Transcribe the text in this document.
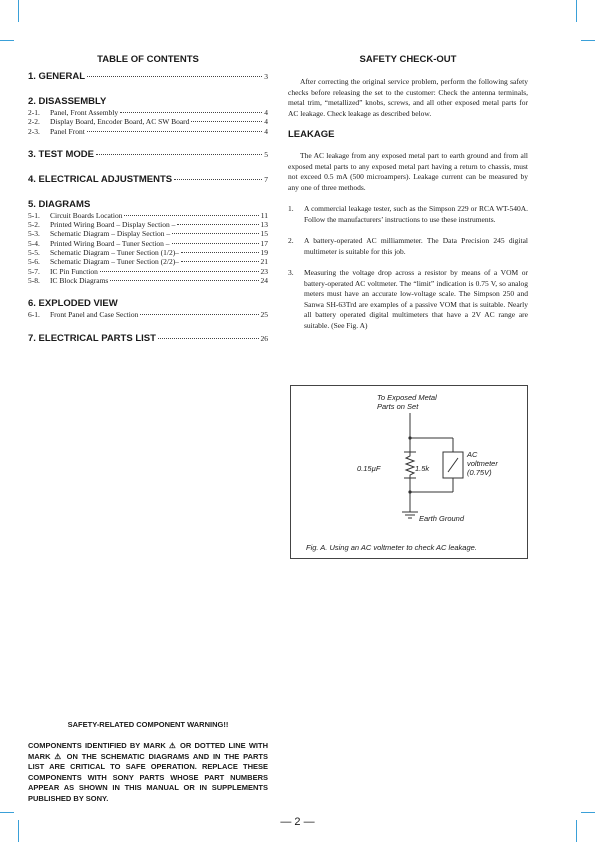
TABLE OF CONTENTS
1. GENERAL	3
2. DISASSEMBLY
2-1.	Panel, Front Assembly	4
2-2.	Display Board, Encoder Board, AC SW Board	4
2-3.	Panel Front	4
3. TEST MODE	5
4. ELECTRICAL ADJUSTMENTS	7
5. DIAGRAMS
5-1.	Circuit Boards Location	11
5-2.	Printed Wiring Board – Display Section –	13
5-3.	Schematic Diagram – Display Section –	15
5-4.	Printed Wiring Board – Tuner Section –	17
5-5.	Schematic Diagram – Tuner Section (1/2)–	19
5-6.	Schematic Diagram – Tuner Section (2/2)–	21
5-7.	IC Pin Function	23
5-8.	IC Block Diagrams	24
6. EXPLODED VIEW
6-1.	Front Panel and Case Section	25
7. ELECTRICAL PARTS LIST	26
SAFETY CHECK-OUT

After correcting the original service problem, perform the following safety checks before releasing the set to the customer: Check the antenna terminals, metal trim, “metallized” knobs, screws, and all other exposed metal parts for AC leakage. Check leakage as described below.

LEAKAGE

The AC leakage from any exposed metal part to earth ground and from all exposed metal parts to any exposed metal part having a return to chassis, must not exceed 0.5 mA (500 microampers). Leakage current can be measured by any one of three methods.

1.	A commercial leakage tester, such as the Simpson 229 or RCA WT-540A. Follow the manufacturers’ instructions to use these instruments.
2.	A battery-operated AC milliammeter. The Data Precision 245 digital multimeter is suitable for this job.
3.	Measuring the voltage drop across a resistor by means of a VOM or battery-operated AC voltmeter. The “limit” indication is 0.75 V, so analog meters must have an accurate low-voltage scale. The Simpson 250 and Sanwa SH-63Trd are examples of a passive VOM that is suitable. Nearly all battery operated digital multimeters that have a 2V AC range are suitable. (See Fig. A)
To Exposed Metal
Parts on Set
0.15µF	1.5k
AC
voltmeter
(0.75V)
Earth Ground
Fig. A. Using an AC voltmeter to check AC leakage.
SAFETY-RELATED COMPONENT WARNING!!
COMPONENTS IDENTIFIED BY MARK ⚠ OR DOTTED LINE WITH MARK ⚠ ON THE SCHEMATIC DIAGRAMS AND IN THE PARTS LIST ARE CRITICAL TO SAFE OPERATION. REPLACE THESE COMPONENTS WITH SONY PARTS WHOSE PART NUMBERS APPEAR AS SHOWN IN THIS MANUAL OR IN SUPPLEMENTS PUBLISHED BY SONY.
— 2 —
